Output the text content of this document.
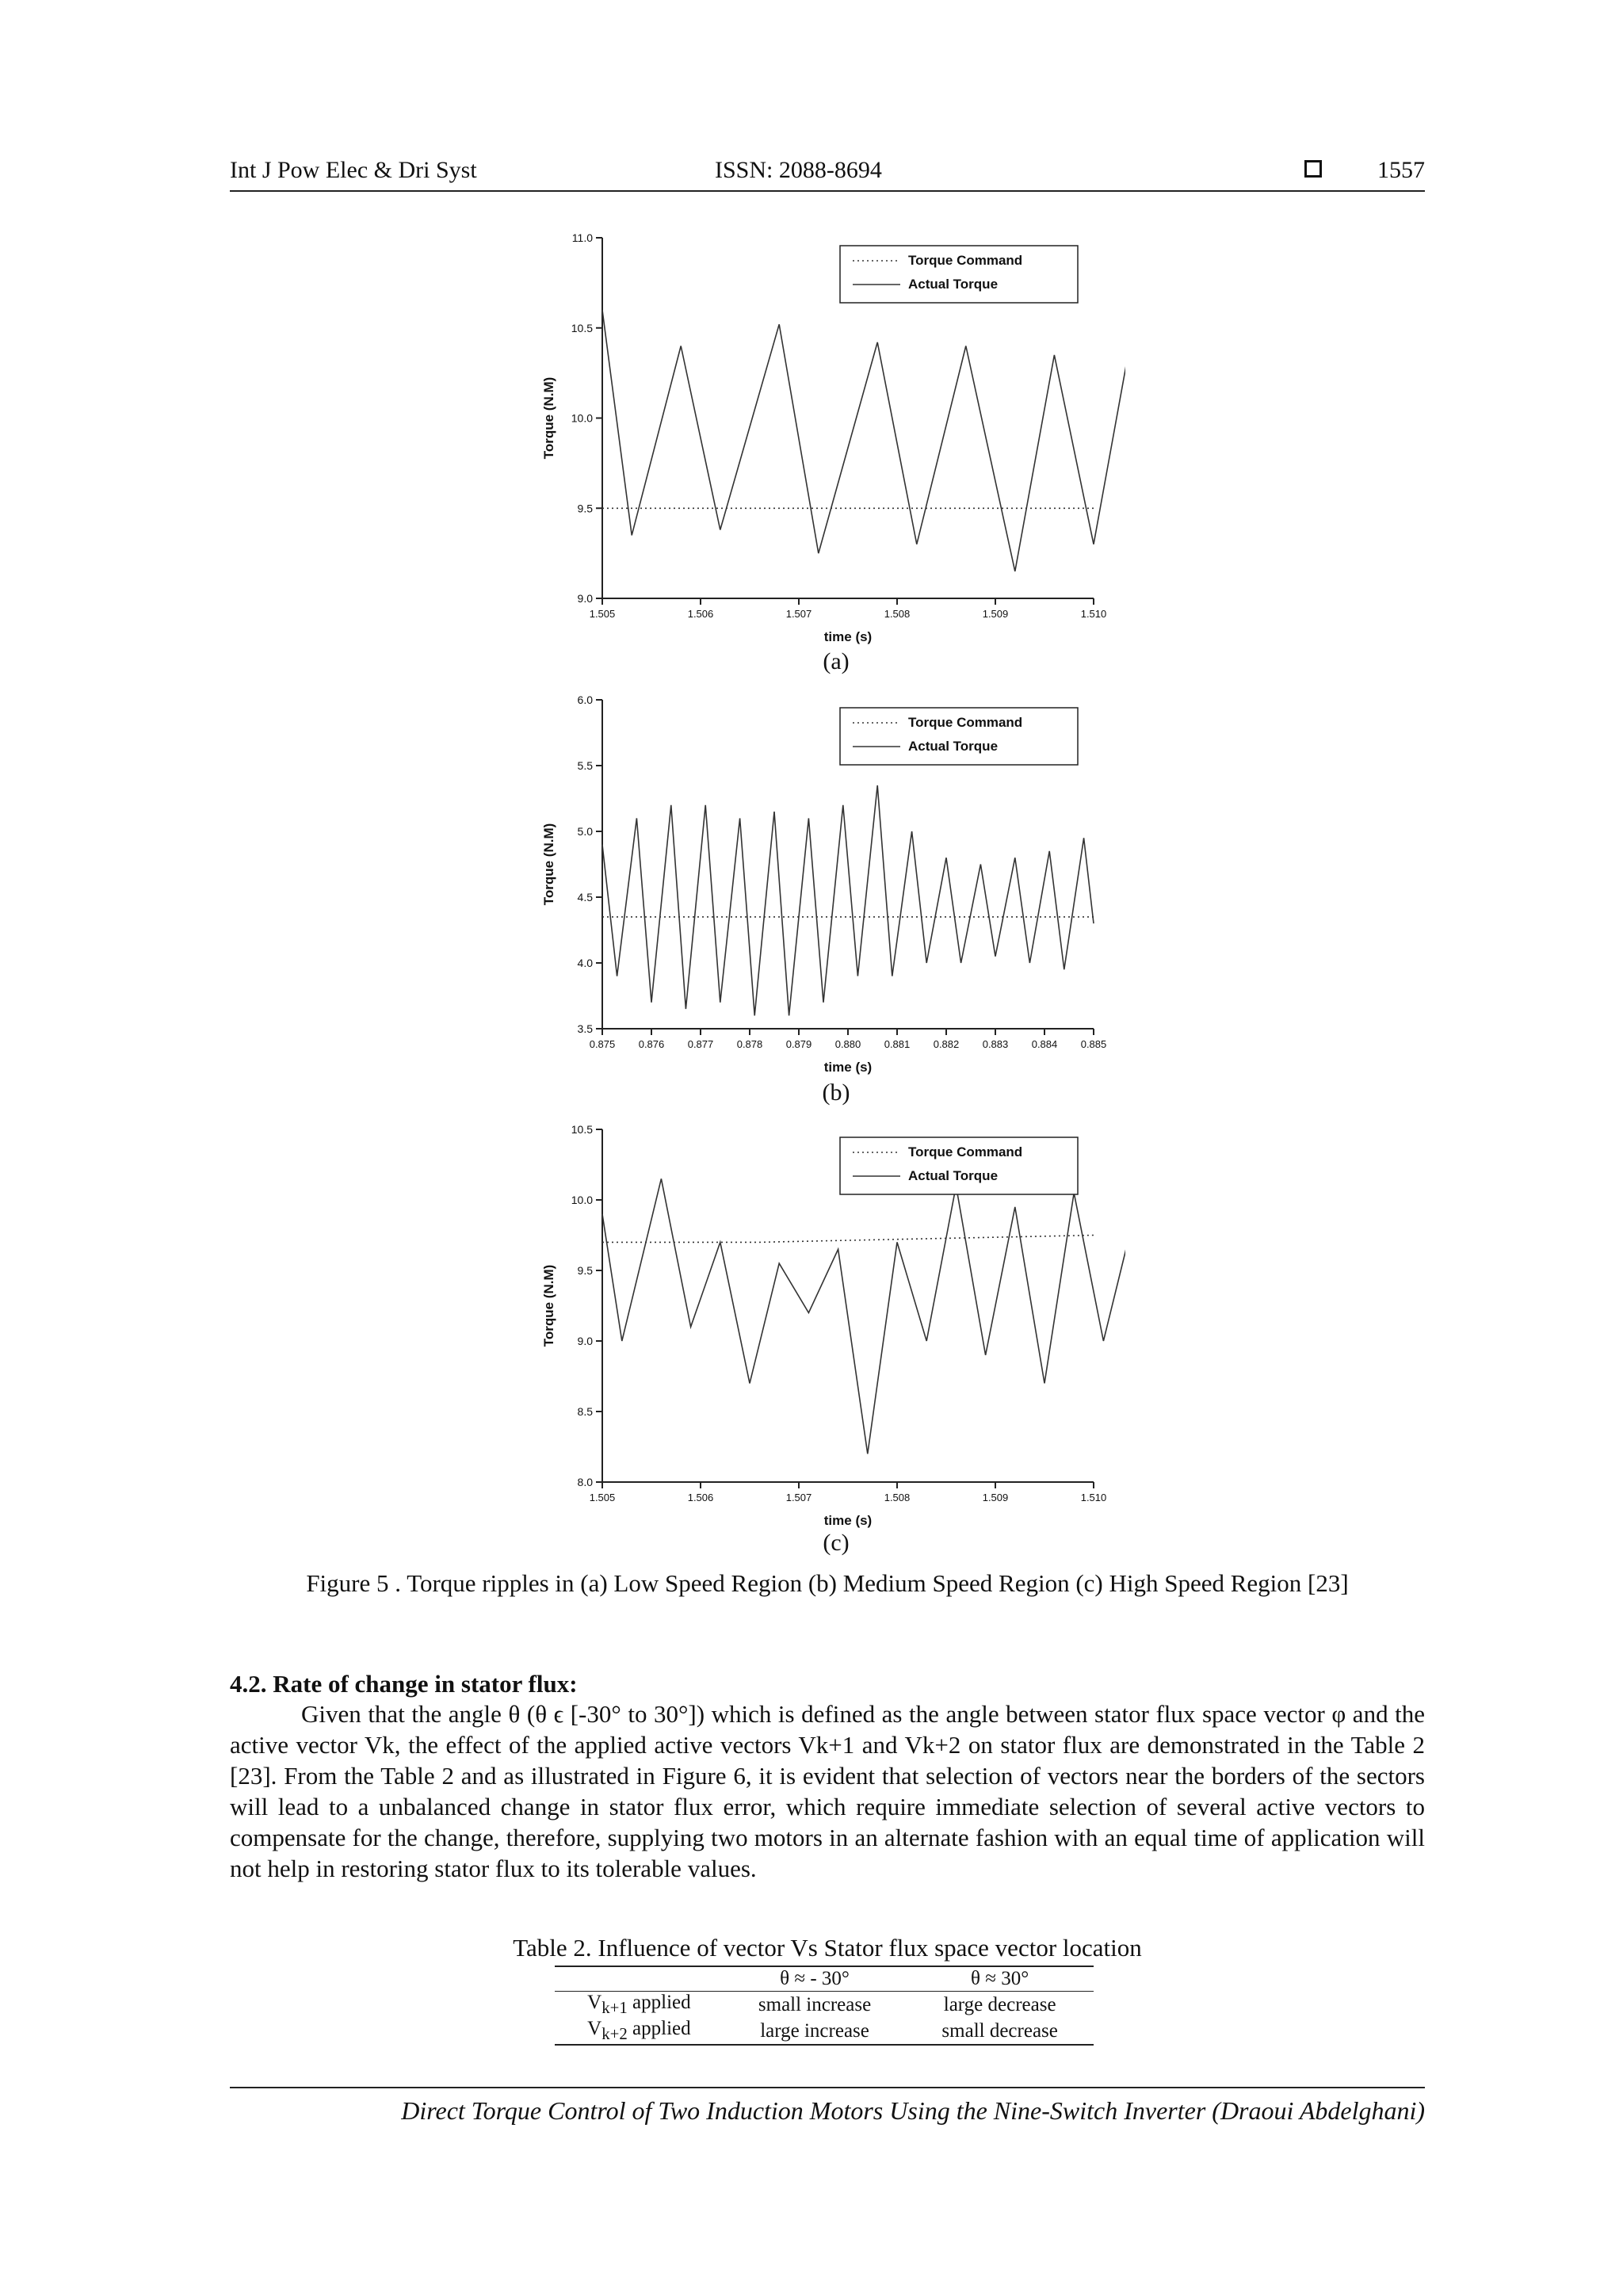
Int J Pow Elec & Dri Syst	ISSN: 2088-8694	1557
9.0
9.5
10.0
10.5
11.0
1.505	1.506	1.507	1.508	1.509	1.510
time (s)
Torque (N.M)
Torque Command
Actual Torque
(a)
3.5
4.0
4.5
5.0
5.5
6.0
0.875 0.876 0.877 0.878 0.879 0.880 0.881 0.882 0.883 0.884 0.885
time (s)
Torque (N.M)
Torque Command
Actual Torque
(b)
8.0
8.5
9.0
9.5
10.0
10.5
1.505	1.506	1.507	1.508	1.509	1.510
time (s)
Torque (N.M)
Torque Command
Actual Torque
(c)
Figure 5 . Torque ripples in (a) Low Speed Region (b) Medium Speed Region (c) High Speed Region [23]
4.2. Rate of change in stator flux:
Given that the angle θ (θ ϵ [-30° to 30°]) which is defined as the angle between stator flux space vector φ and the active vector Vk, the effect of the applied active vectors Vk+1 and Vk+2 on stator flux are demonstrated in the Table 2 [23]. From the Table 2 and as illustrated in Figure 6, it is evident that selection of vectors near the borders of the sectors will lead to a unbalanced change in stator flux error, which require immediate selection of several active vectors to compensate for the change, therefore, supplying two motors in an alternate fashion with an equal time of application will not help in restoring stator flux to its tolerable values.
Table 2. Influence of vector Vs Stator flux space vector location
	θ ≈ - 30°	θ ≈ 30°
$V_{k+1}$ applied	small increase	large decrease
$V_{k+2}$ applied	large increase	small decrease
Direct Torque Control of Two Induction Motors Using the Nine-Switch Inverter (Draoui Abdelghani)
